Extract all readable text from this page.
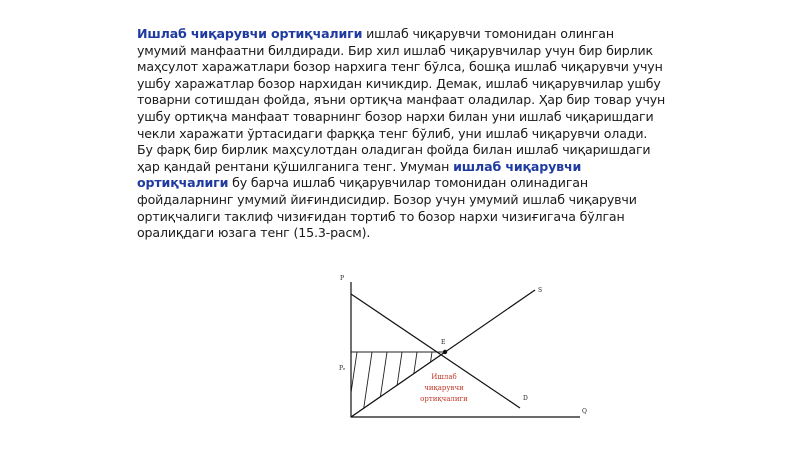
Ишлаб чиқарувчи ортиқчалиги ишлаб чиқарувчи томонидан олинган умумий манфаатни билдиради. Бир хил ишлаб чиқарувчилар учун бир бирлик маҳсулот харажатлари бозор нархига тенг бўлса, бошқа ишлаб чиқарувчи учун ушбу харажатлар бозор нархидан кичикдир. Демак, ишлаб чиқарувчилар ушбу товарни сотишдан фойда, яъни ортиқча манфаат оладилар. Ҳар бир товар учун ушбу ортиқча манфаат товарнинг бозор нархи билан уни ишлаб чиқаришдаги чекли харажати ўртасидаги фарққа тенг бўлиб, уни ишлаб чиқарувчи олади.

Бу фарқ бир бирлик маҳсулотдан оладиган фойда билан ишлаб чиқаришдаги ҳар қандай рентани қўшилганига тенг. Умуман ишлаб чиқарувчи ортиқчалиги бу барча ишлаб чиқарувчилар томонидан олинадиган фойдаларнинг умумий йиғиндисидир. Бозор учун умумий ишлаб чиқарувчи ортиқчалиги таклиф чизиғидан тортиб то бозор нархи чизиғигача бўлган оралиқдаги юзага тенг (15.3-расм).

P
Q
Pₑ
E
S
D
Ишлаб
чиқарувчи
ортиқчалиги
